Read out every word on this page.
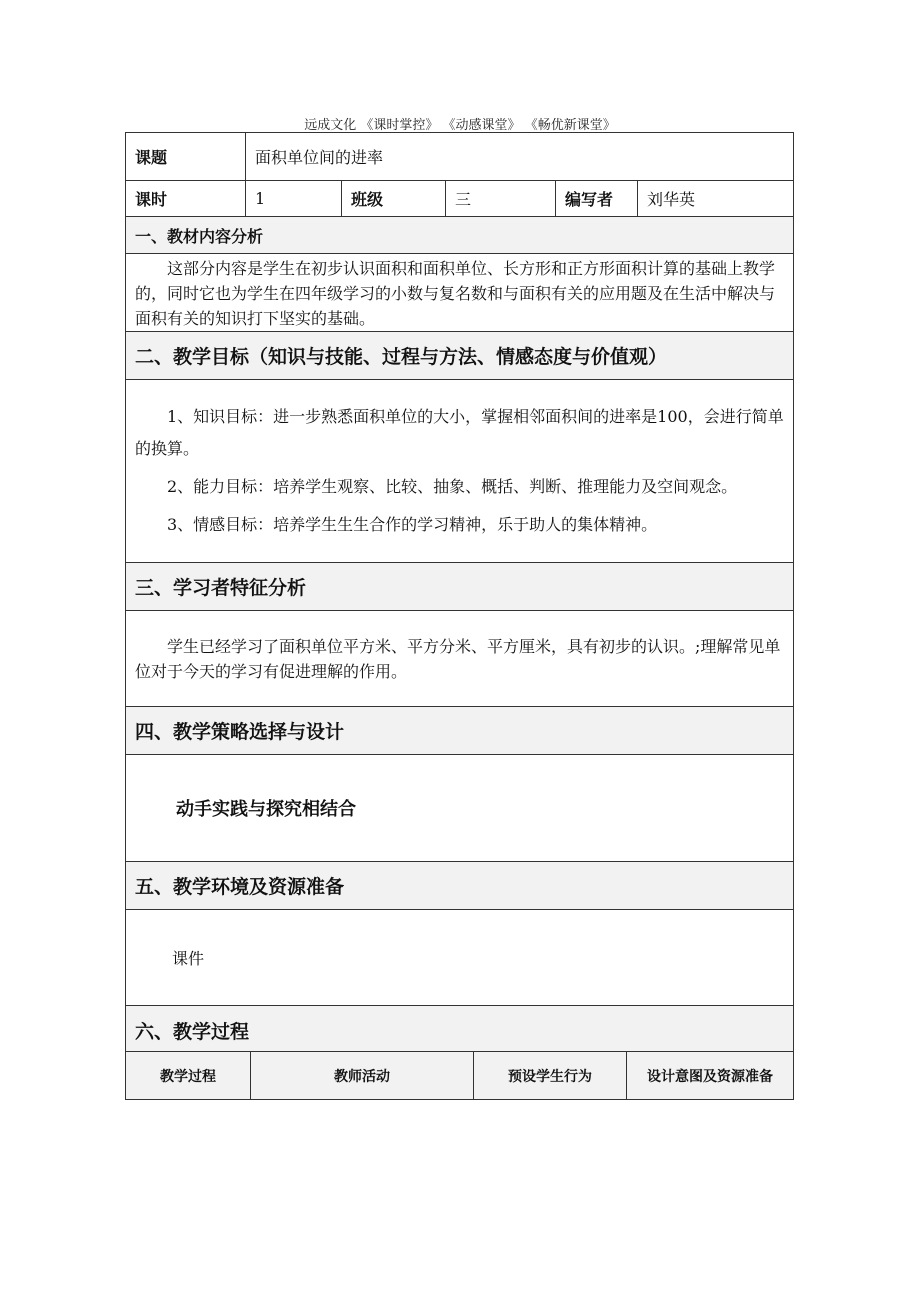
远成文化 《课时掌控》 《动感课堂》 《畅优新课堂》
课题	面积单位间的进率				
课时	1	班级	三	编写者	刘华英
一、教材内容分析					
这部分内容是学生在初步认识面积和面积单位、长方形和正方形面积计算的基础上教学的，同时它也为学生在四年级学习的小数与复名数和与面积有关的应用题及在生活中解决与面积有关的知识打下坚实的基础。					
二、教学目标（知识与技能、过程与方法、情感态度与价值观）					

1、知识目标：进一步熟悉面积单位的大小，掌握相邻面积间的进率是100，会进行简单的换算。

2、能力目标：培养学生观察、比较、抽象、概括、判断、推理能力及空间观念。

3、情感目标：培养学生生生合作的学习精神，乐于助人的集体精神。					

三、学习者特征分析					
学生已经学习了面积单位平方米、平方分米、平方厘米，具有初步的认识。;理解常见单位对于今天的学习有促进理解的作用。					
四、教学策略选择与设计					
动手实践与探究相结合					
五、教学环境及资源准备					
课件					
六、教学过程					
教学过程	教师活动	预设学生行为	设计意图及资源准备
